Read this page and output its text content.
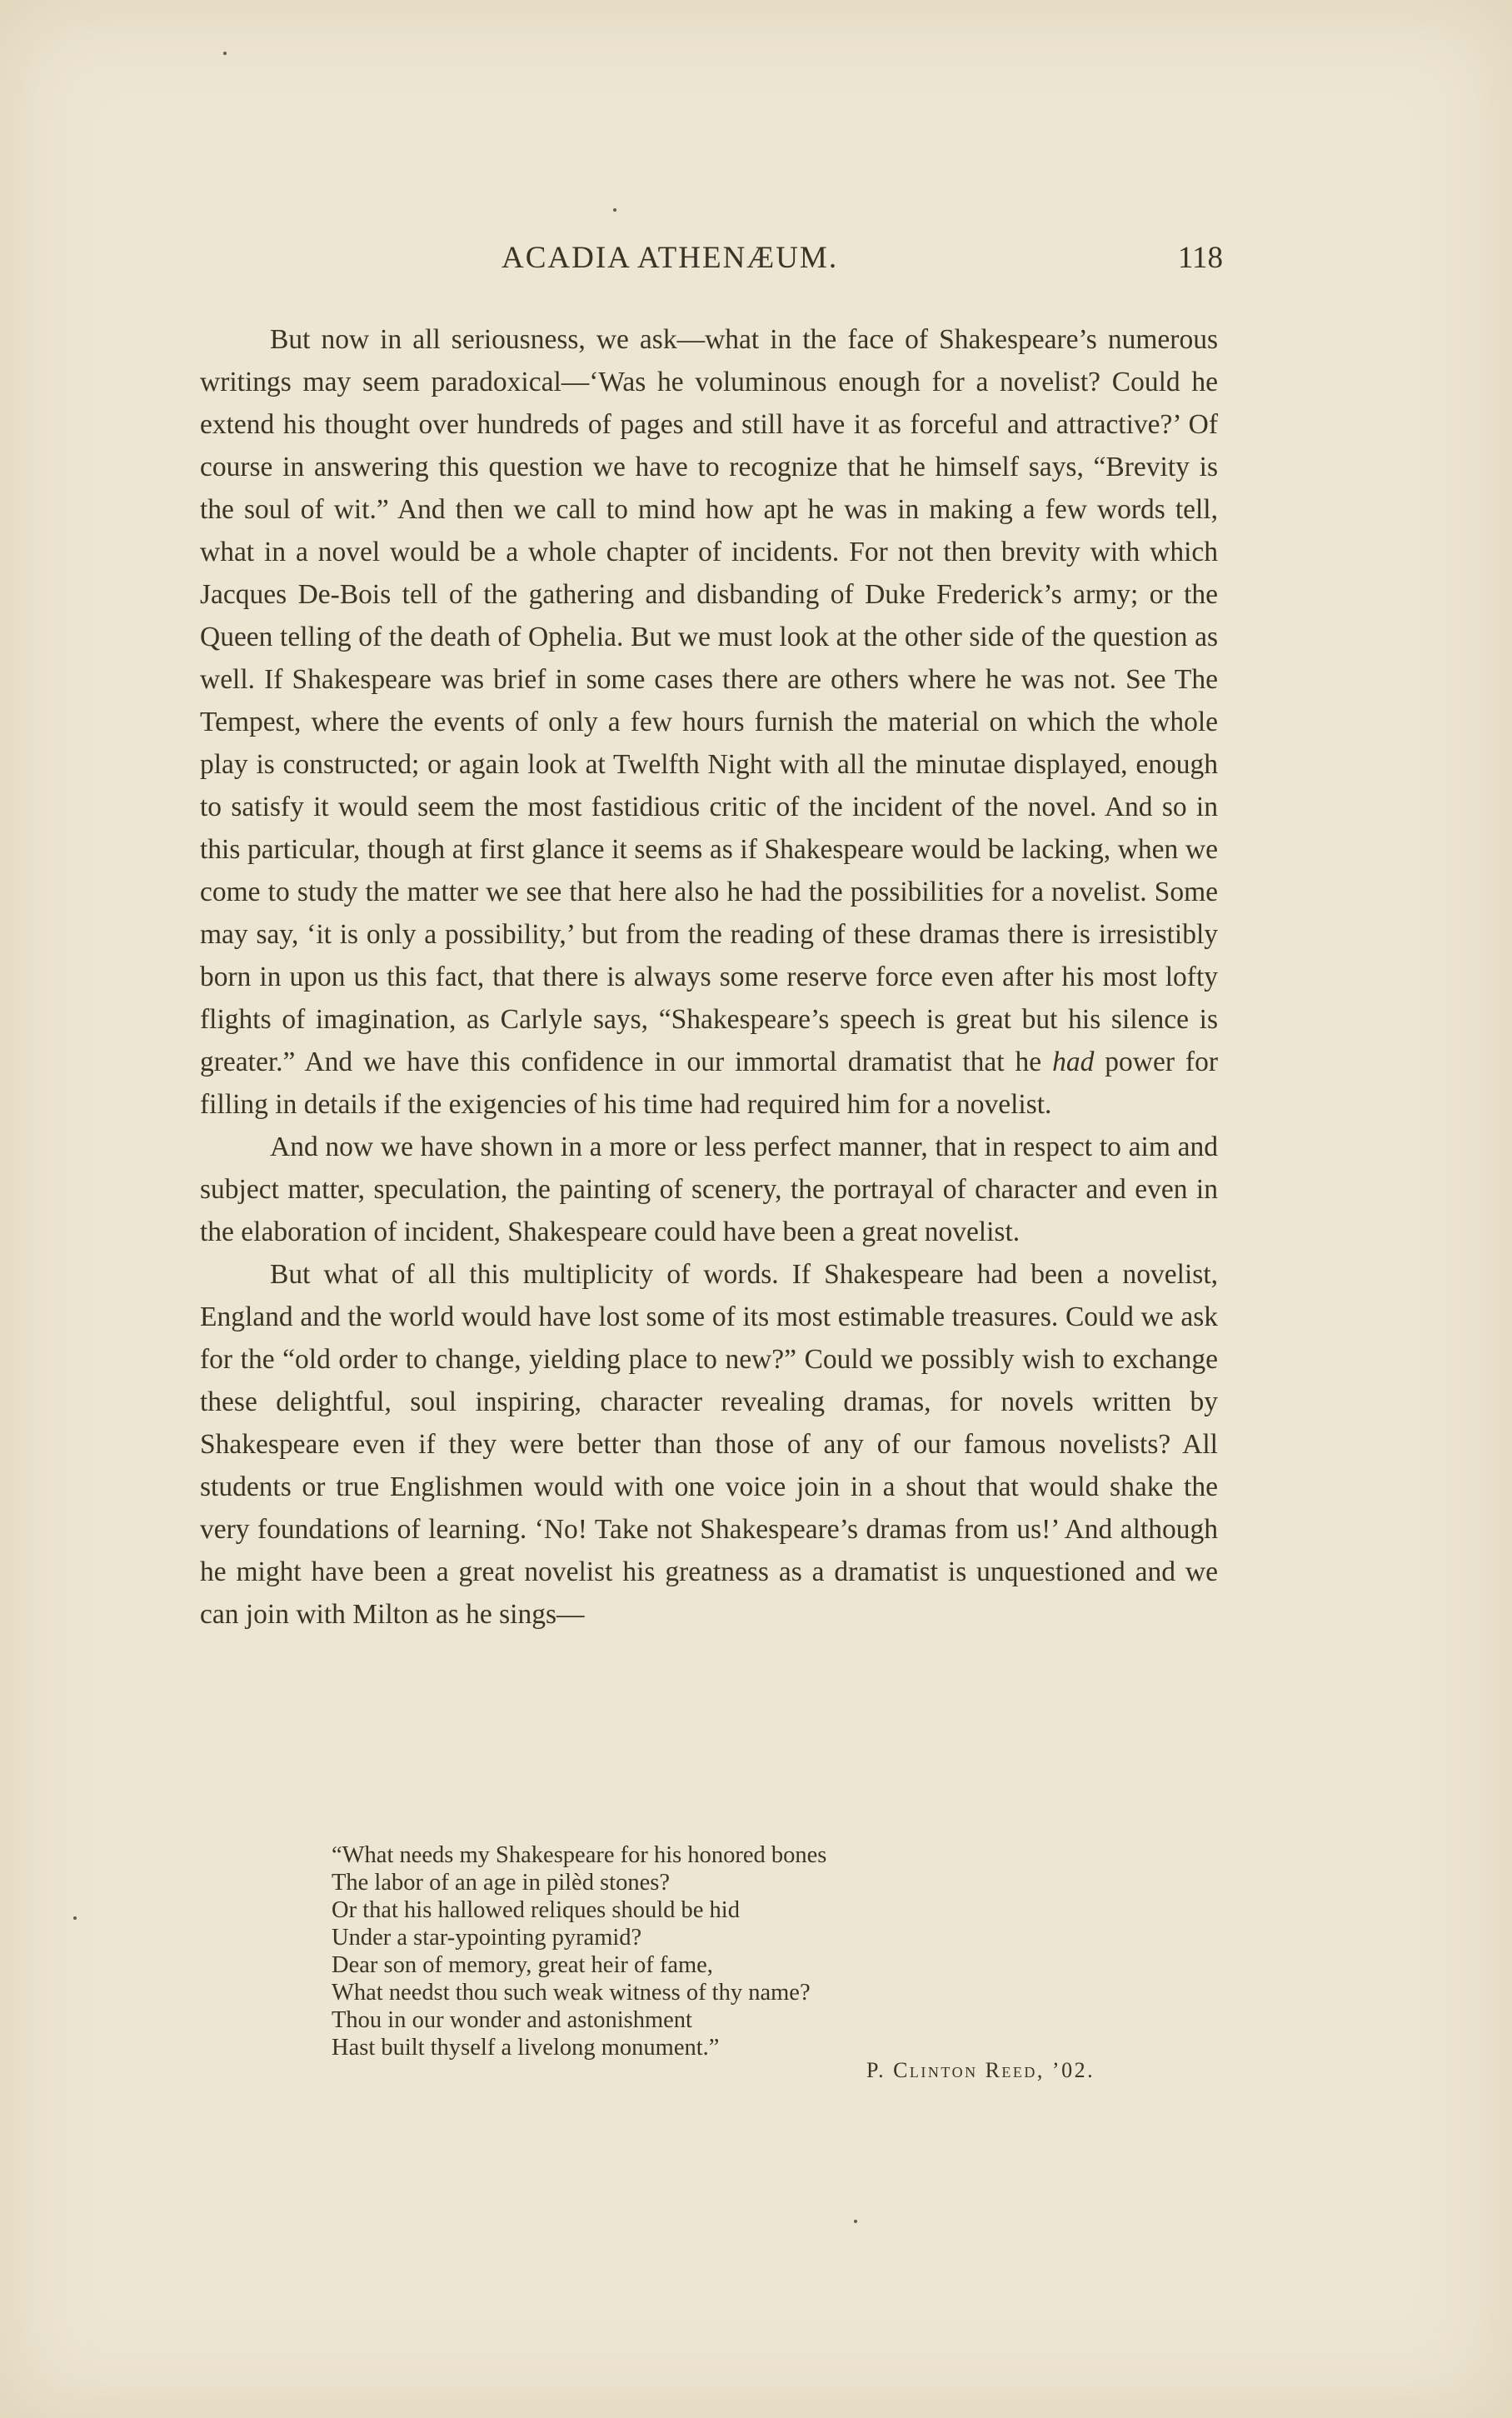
ACADIA ATHENÆUM.	118

But now in all seriousness, we ask—what in the face of Shakespeare’s numerous writings may seem paradoxical—‘Was he voluminous enough for a novelist? Could he extend his thought over hundreds of pages and still have it as forceful and attractive?’ Of course in answering this question we have to recognize that he himself says, “Brevity is the soul of wit.” And then we call to mind how apt he was in making a few words tell, what in a novel would be a whole chapter of incidents. For not then brevity with which Jacques De-Bois tell of the gathering and disbanding of Duke Frederick’s army; or the Queen telling of the death of Ophelia. But we must look at the other side of the question as well. If Shakespeare was brief in some cases there are others where he was not. See The Tempest, where the events of only a few hours furnish the material on which the whole play is constructed; or again look at Twelfth Night with all the minutae displayed, enough to satisfy it would seem the most fastidious critic of the incident of the novel. And so in this particular, though at first glance it seems as if Shakespeare would be lacking, when we come to study the matter we see that here also he had the possibilities for a novelist. Some may say, ‘it is only a possibility,’ but from the reading of these dramas there is irresistibly born in upon us this fact, that there is always some reserve force even after his most lofty flights of imagination, as Carlyle says, “Shakespeare’s speech is great but his silence is greater.” And we have this confidence in our immortal dramatist that he had power for filling in details if the exigencies of his time had required him for a novelist.

And now we have shown in a more or less perfect manner, that in respect to aim and subject matter, speculation, the painting of scenery, the portrayal of character and even in the elaboration of incident, Shakespeare could have been a great novelist.

But what of all this multiplicity of words. If Shakespeare had been a novelist, England and the world would have lost some of its most estimable treasures. Could we ask for the “old order to change, yielding place to new?” Could we possibly wish to exchange these delightful, soul inspiring, character revealing dramas, for novels written by Shakespeare even if they were better than those of any of our famous novelists? All students or true Englishmen would with one voice join in a shout that would shake the very foundations of learning. ‘No! Take not Shakespeare’s dramas from us!’ And although he might have been a great novelist his greatness as a dramatist is unquestioned and we can join with Milton as he sings—

“What needs my Shakespeare for his honored bones
The labor of an age in pilèd stones?
Or that his hallowed reliques should be hid
Under a star-ypointing pyramid?
Dear son of memory, great heir of fame,
What needst thou such weak witness of thy name?
Thou in our wonder and astonishment
Hast built thyself a livelong monument.”
P. Clinton Reed, ’02.
